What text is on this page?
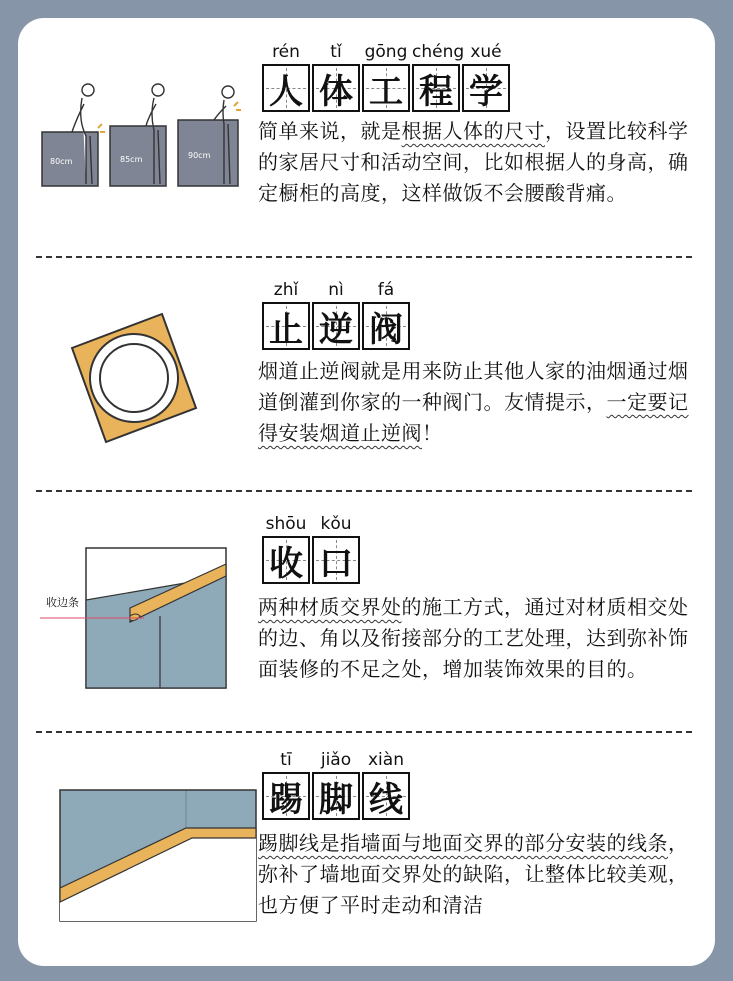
80cm	85cm	90cm
rén	tǐ	gōng chéng xué
人 体 工 程 学
简单来说，就是根据人体的尺寸，设置比较科学的家居尺寸和活动空间，比如根据人的身高，确定橱柜的高度，这样做饭不会腰酸背痛。
zhǐ	nì	fá
止 逆 阀
烟道止逆阀就是用来防止其他人家的油烟通过烟道倒灌到你家的一种阀门。友情提示，一定要记得安装烟道止逆阀！
收边条
shōu kǒu
收 口
两种材质交界处的施工方式，通过对材质相交处的边、角以及衔接部分的工艺处理，达到弥补饰面装修的不足之处，增加装饰效果的目的。
tī	jiǎo xiàn
踢 脚 线
踢脚线是指墙面与地面交界的部分安装的线条，弥补了墙地面交界处的缺陷，让整体比较美观，也方便了平时走动和清洁
